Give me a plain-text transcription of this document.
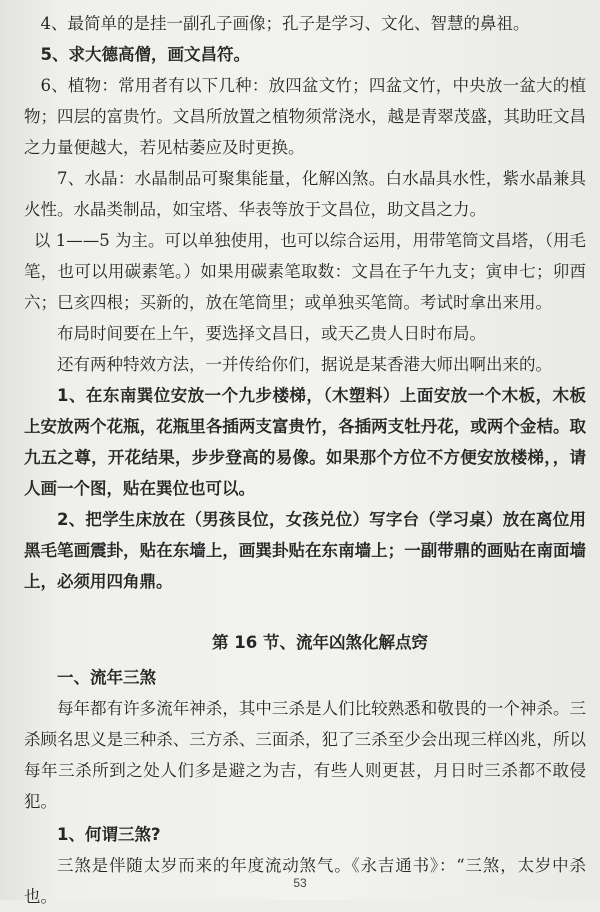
4、最简单的是挂一副孔子画像；孔子是学习、文化、智慧的鼻祖。

5、求大德高僧，画文昌符。

6、植物：常用者有以下几种：放四盆文竹；四盆文竹，中央放一盆大的植物；四层的富贵竹。文昌所放置之植物须常浇水，越是青翠茂盛，其助旺文昌之力量便越大，若见枯萎应及时更换。

7、水晶：水晶制品可聚集能量，化解凶煞。白水晶具水性，紫水晶兼具火性。水晶类制品，如宝塔、华表等放于文昌位，助文昌之力。

以 1——5 为主。可以单独使用，也可以综合运用，用带笔筒文昌塔，（用毛笔，也可以用碳素笔。）如果用碳素笔取数：文昌在子午九支；寅申七；卯酉六；巳亥四根；买新的，放在笔筒里；或单独买笔筒。考试时拿出来用。

布局时间要在上午，要选择文昌日，或天乙贵人日时布局。

还有两种特效方法，一并传给你们，据说是某香港大师出啊出来的。

1、在东南巽位安放一个九步楼梯，（木塑料）上面安放一个木板，木板上安放两个花瓶，花瓶里各插两支富贵竹，各插两支牡丹花，或两个金桔。取九五之尊，开花结果，步步登高的易像。如果那个方位不方便安放楼梯，，请人画一个图，贴在巽位也可以。

2、把学生床放在（男孩艮位，女孩兑位）写字台（学习桌）放在离位用黑毛笔画震卦，贴在东墙上，画巽卦贴在东南墙上；一副带鼎的画贴在南面墙上，必须用四角鼎。

第 16 节、流年凶煞化解点窍

一、流年三煞

每年都有许多流年神杀，其中三杀是人们比较熟悉和敬畏的一个神杀。三杀顾名思义是三种杀、三方杀、三面杀，犯了三杀至少会出现三样凶兆，所以每年三杀所到之处人们多是避之为吉，有些人则更甚，月日时三杀都不敢侵犯。

1、何谓三煞?

三煞是伴随太岁而来的年度流动煞气。《永吉通书》：“三煞，太岁中杀也。

53
